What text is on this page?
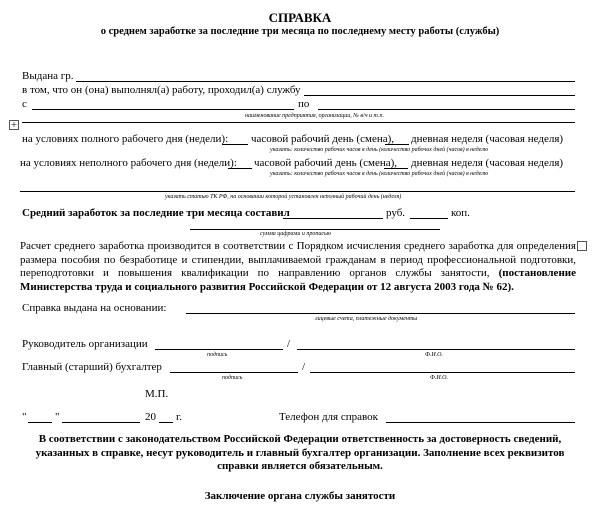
СПРАВКА
о среднем заработке за последние три месяца по последнему месту работы (службы)
Выдана гр.
в том, что он (она) выполнял(а) работу, проходил(а) службу
с	по
наименование предприятия, организации, № в/ч и т.п.
+
на условиях полного рабочего дня (недели): часовой рабочий день (смена), дневная неделя (часовая неделя)
указать: количество рабочих часов в день (количество рабочих дней (часов) в неделю
на условиях неполного рабочего дня (недели): часовой рабочий день (смена), дневная неделя (часовая неделя)
указать: количество рабочих часов в день (количество рабочих дней (часов) в неделю
указать статью ТК РФ, на основании которой установлен неполный рабочий день (неделя)
Средний заработок за последние три месяца составил	руб.	коп.
сумма цифрами и прописью
Расчет среднего заработка производится в соответствии с Порядком исчисления среднего заработка для определения размера пособия по безработице и стипендии, выплачиваемой гражданам в период профессиональной подготовки, переподготовки и повышения квалификации по направлению органов службы занятости, (постановление Министерства труда и социального развития Российской Федерации от 12 августа 2003 года № 62).
Справка выдана на основании:
лицевые счета, платежные документы
Руководитель организации	/
подпись	Ф.И.О.
Главный (старший) бухгалтер	/
подпись	Ф.И.О.
М.П.
"	"	20 г.	Телефон для справок
В соответствии с законодательством Российской Федерации ответственность за достоверность сведений, указанных в справке, несут руководитель и главный бухгалтер организации. Заполнение всех реквизитов справки является обязательным.
Заключение органа службы занятости
